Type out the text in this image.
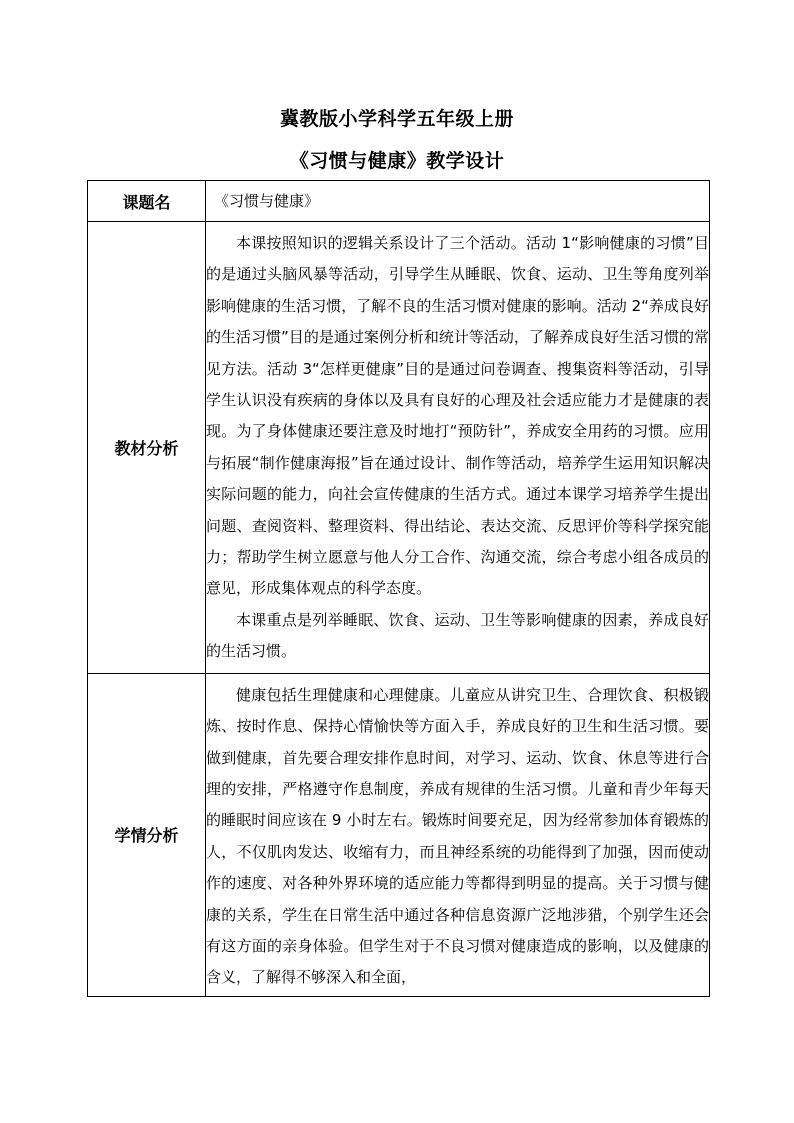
冀教版小学科学五年级上册
《习惯与健康》教学设计
课题名	《习惯与健康》
教材分析	本课按照知识的逻辑关系设计了三个活动。活动 1“影响健康的习惯”目的是通过头脑风暴等活动，引导学生从睡眠、饮食、运动、卫生等角度列举影响健康的生活习惯，了解不良的生活习惯对健康的影响。活动 2“养成良好的生活习惯”目的是通过案例分析和统计等活动，了解养成良好生活习惯的常见方法。活动 3“怎样更健康”目的是通过问卷调查、搜集资料等活动，引导学生认识没有疾病的身体以及具有良好的心理及社会适应能力才是健康的表现。为了身体健康还要注意及时地打“预防针”，养成安全用药的习惯。应用与拓展“制作健康海报”旨在通过设计、制作等活动，培养学生运用知识解决实际问题的能力，向社会宣传健康的生活方式。通过本课学习培养学生提出问题、查阅资料、整理资料、得出结论、表达交流、反思评价等科学探究能力；帮助学生树立愿意与他人分工合作、沟通交流，综合考虑小组各成员的意见，形成集体观点的科学态度。

本课重点是列举睡眠、饮食、运动、卫生等影响健康的因素，养成良好的生活习惯。

学情分析	健康包括生理健康和心理健康。儿童应从讲究卫生、合理饮食、积极锻炼、按时作息、保持心情愉快等方面入手，养成良好的卫生和生活习惯。要做到健康，首先要合理安排作息时间，对学习、运动、饮食、休息等进行合理的安排，严格遵守作息制度，养成有规律的生活习惯。儿童和青少年每天的睡眠时间应该在 9 小时左右。锻炼时间要充足，因为经常参加体育锻炼的人，不仅肌肉发达、收缩有力，而且神经系统的功能得到了加强，因而使动作的速度、对各种外界环境的适应能力等都得到明显的提高。关于习惯与健康的关系，学生在日常生活中通过各种信息资源广泛地涉猎，个别学生还会有这方面的亲身体验。但学生对于不良习惯对健康造成的影响，以及健康的含义，了解得不够深入和全面，
